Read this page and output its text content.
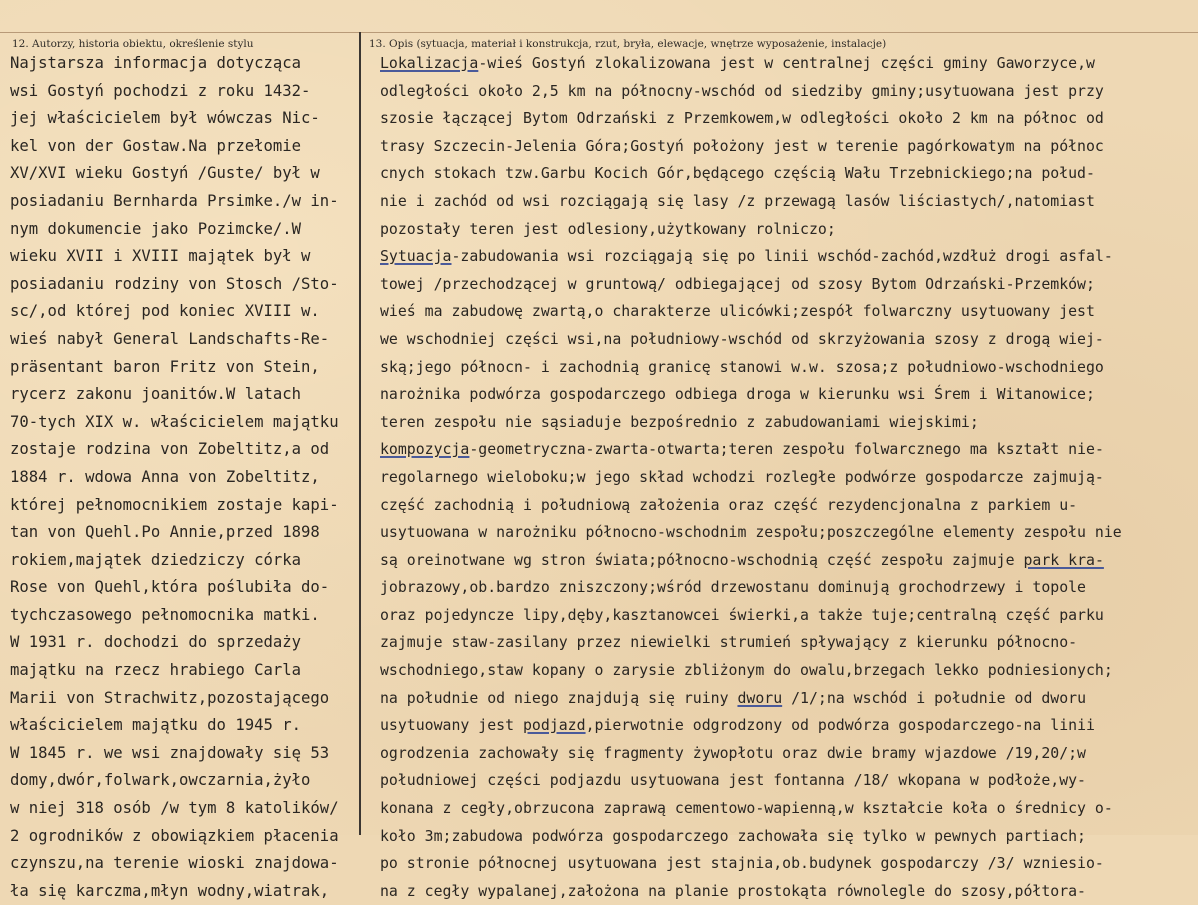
12. Autorzy, historia obiektu, określenie stylu	13. Opis (sytuacja, materiał i konstrukcja, rzut, bryła, elewacje, wnętrze wyposażenie, instalacje)
Najstarsza informacja dotycząca
wsi Gostyń pochodzi z roku 1432-
jej właścicielem był wówczas Nic-
kel von der Gostaw.Na przełomie
XV/XVI wieku Gostyń /Guste/ był w
posiadaniu Bernharda Prsimke./w in-
nym dokumencie jako Pozimcke/.W
wieku XVII i XVIII majątek był w
posiadaniu rodziny von Stosch /Sto-
sc/,od której pod koniec XVIII w.
wieś nabył General Landschafts-Re-
präsentant baron Fritz von Stein,
rycerz zakonu joanitów.W latach
70-tych XIX w. właścicielem majątku
zostaje rodzina von Zobeltitz,a od
1884 r. wdowa Anna von Zobeltitz,
której pełnomocnikiem zostaje kapi-
tan von Quehl.Po Annie,przed 1898
rokiem,majątek dziedziczy córka
Rose von Quehl,która poślubiła do-
tychczasowego pełnomocnika matki.
W 1931 r. dochodzi do sprzedaży
majątku na rzecz hrabiego Carla
Marii von Strachwitz,pozostającego
właścicielem majątku do 1945 r.
W 1845 r. we wsi znajdowały się 53
domy,dwór,folwark,owczarnia,żyło
w niej 318 osób /w tym 8 katolików/
2 ogrodników z obowiązkiem płacenia
czynszu,na terenie wioski znajdowa-
ła się karczma,młyn wodny,wiatrak,
Lokalizacja-wieś Gostyń zlokalizowana jest w centralnej części gminy Gaworzyce,w
odległości około 2,5 km na północny-wschód od siedziby gminy;usytuowana jest przy
szosie łączącej Bytom Odrzański z Przemkowem,w odległości około 2 km na północ od
trasy Szczecin-Jelenia Góra;Gostyń położony jest w terenie pagórkowatym na północ
cnych stokach tzw.Garbu Kocich Gór,będącego częścią Wału Trzebnickiego;na połud-
nie i zachód od wsi rozciągają się lasy /z przewagą lasów liściastych/,natomiast
pozostały teren jest odlesiony,użytkowany rolniczo;
Sytuacja-zabudowania wsi rozciągają się po linii wschód-zachód,wzdłuż drogi asfal-
towej /przechodzącej w gruntową/ odbiegającej od szosy Bytom Odrzański-Przemków;
wieś ma zabudowę zwartą,o charakterze ulicówki;zespół folwarczny usytuowany jest
we wschodniej części wsi,na południowy-wschód od skrzyżowania szosy z drogą wiej-
ską;jego północn- i zachodnią granicę stanowi w.w. szosa;z południowo-wschodniego
narożnika podwórza gospodarczego odbiega droga w kierunku wsi Śrem i Witanowice;
teren zespołu nie sąsiaduje bezpośrednio z zabudowaniami wiejskimi;
kompozycja-geometryczna-zwarta-otwarta;teren zespołu folwarcznego ma kształt nie-
regolarnego wieloboku;w jego skład wchodzi rozległe podwórze gospodarcze zajmują-
część zachodnią i południową założenia oraz część rezydencjonalna z parkiem u-
usytuowana w narożniku północno-wschodnim zespołu;poszczególne elementy zespołu nie
są oreinotwane wg stron świata;północno-wschodnią część zespołu zajmuje park kra-
jobrazowy,ob.bardzo zniszczony;wśród drzewostanu dominują grochodrzewy i topole
oraz pojedyncze lipy,dęby,kasztanowcei świerki,a także tuje;centralną część parku
zajmuje staw-zasilany przez niewielki strumień spływający z kierunku północno-
wschodniego,staw kopany o zarysie zbliżonym do owalu,brzegach lekko podniesionych;
na południe od niego znajdują się ruiny dworu /1/;na wschód i południe od dworu
usytuowany jest podjazd,pierwotnie odgrodzony od podwórza gospodarczego-na linii
ogrodzenia zachowały się fragmenty żywopłotu oraz dwie bramy wjazdowe /19,20/;w
południowej części podjazdu usytuowana jest fontanna /18/ wkopana w podłoże,wy-
konana z cegły,obrzucona zaprawą cementowo-wapienną,w kształcie koła o średnicy o-
koło 3m;zabudowa podwórza gospodarczego zachowała się tylko w pewnych partiach;
po stronie północnej usytuowana jest stajnia,ob.budynek gospodarczy /3/ wzniesio-
na z cegły wypalanej,założona na planie prostokąta równolegle do szosy,półtora-
